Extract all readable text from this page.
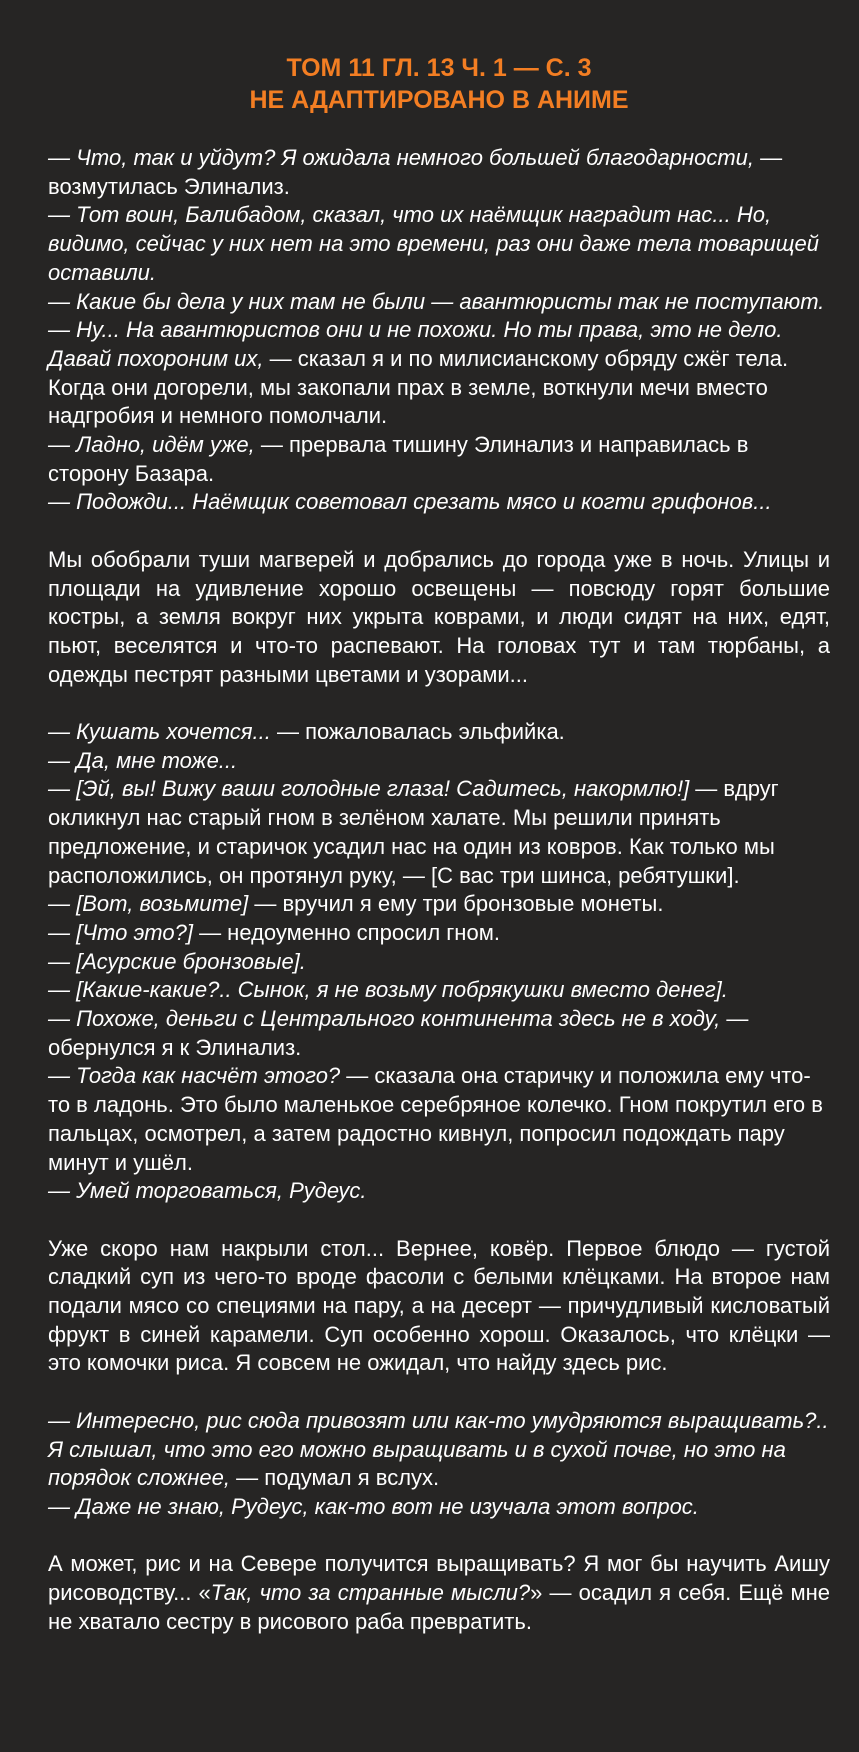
ТОМ 11 ГЛ. 13 Ч. 1 — С. 3
НЕ АДАПТИРОВАНО В АНИМЕ

— Что, так и уйдут? Я ожидала немного большей благодарности, — возмутилась Элинализ.

— Тот воин, Балибадом, сказал, что их наёмщик наградит нас... Но, видимо, сейчас у них нет на это времени, раз они даже тела товарищей оставили.

— Какие бы дела у них там не были — авантюристы так не поступают.

— Ну... На авантюристов они и не похожи. Но ты права, это не дело. Давай похороним их, — сказал я и по милисианскому обряду сжёг тела. Когда они догорели, мы закопали прах в земле, воткнули мечи вместо надгробия и немного помолчали.

— Ладно, идём уже, — прервала тишину Элинализ и направилась в сторону Базара.

— Подожди... Наёмщик советовал срезать мясо и когти грифонов...

Мы обобрали туши магверей и добрались до города уже в ночь. Улицы и площади на удивление хорошо освещены — повсюду горят большие костры, а земля вокруг них укрыта коврами, и люди сидят на них, едят, пьют, веселятся и что-то распевают. На головах тут и там тюрбаны, а одежды пестрят разными цветами и узорами...

— Кушать хочется... — пожаловалась эльфийка.

— Да, мне тоже...

— [Эй, вы! Вижу ваши голодные глаза! Садитесь, накормлю!] — вдруг окликнул нас старый гном в зелёном халате. Мы решили принять предложение, и старичок усадил нас на один из ковров. Как только мы расположились, он протянул руку, — [С вас три шинса, ребятушки].

— [Вот, возьмите] — вручил я ему три бронзовые монеты.

— [Что это?] — недоуменно спросил гном.

— [Асурские бронзовые].

— [Какие-какие?.. Сынок, я не возьму побрякушки вместо денег].

— Похоже, деньги с Центрального континента здесь не в ходу, — обернулся я к Элинализ.

— Тогда как насчёт этого? — сказала она старичку и положила ему что-то в ладонь. Это было маленькое серебряное колечко. Гном покрутил его в пальцах, осмотрел, а затем радостно кивнул, попросил подождать пару минут и ушёл.

— Умей торговаться, Рудеус.

Уже скоро нам накрыли стол... Вернее, ковёр. Первое блюдо — густой сладкий суп из чего-то вроде фасоли с белыми клёцками. На второе нам подали мясо со специями на пару, а на десерт — причудливый кисловатый фрукт в синей карамели. Суп особенно хорош. Оказалось, что клёцки — это комочки риса. Я совсем не ожидал, что найду здесь рис.

— Интересно, рис сюда привозят или как-то умудряются выращивать?.. Я слышал, что это его можно выращивать и в сухой почве, но это на порядок сложнее, — подумал я вслух.

— Даже не знаю, Рудеус, как-то вот не изучала этот вопрос.

А может, рис и на Севере получится выращивать? Я мог бы научить Аишу рисоводству... «Так, что за странные мысли?» — осадил я себя. Ещё мне не хватало сестру в рисового раба превратить.
